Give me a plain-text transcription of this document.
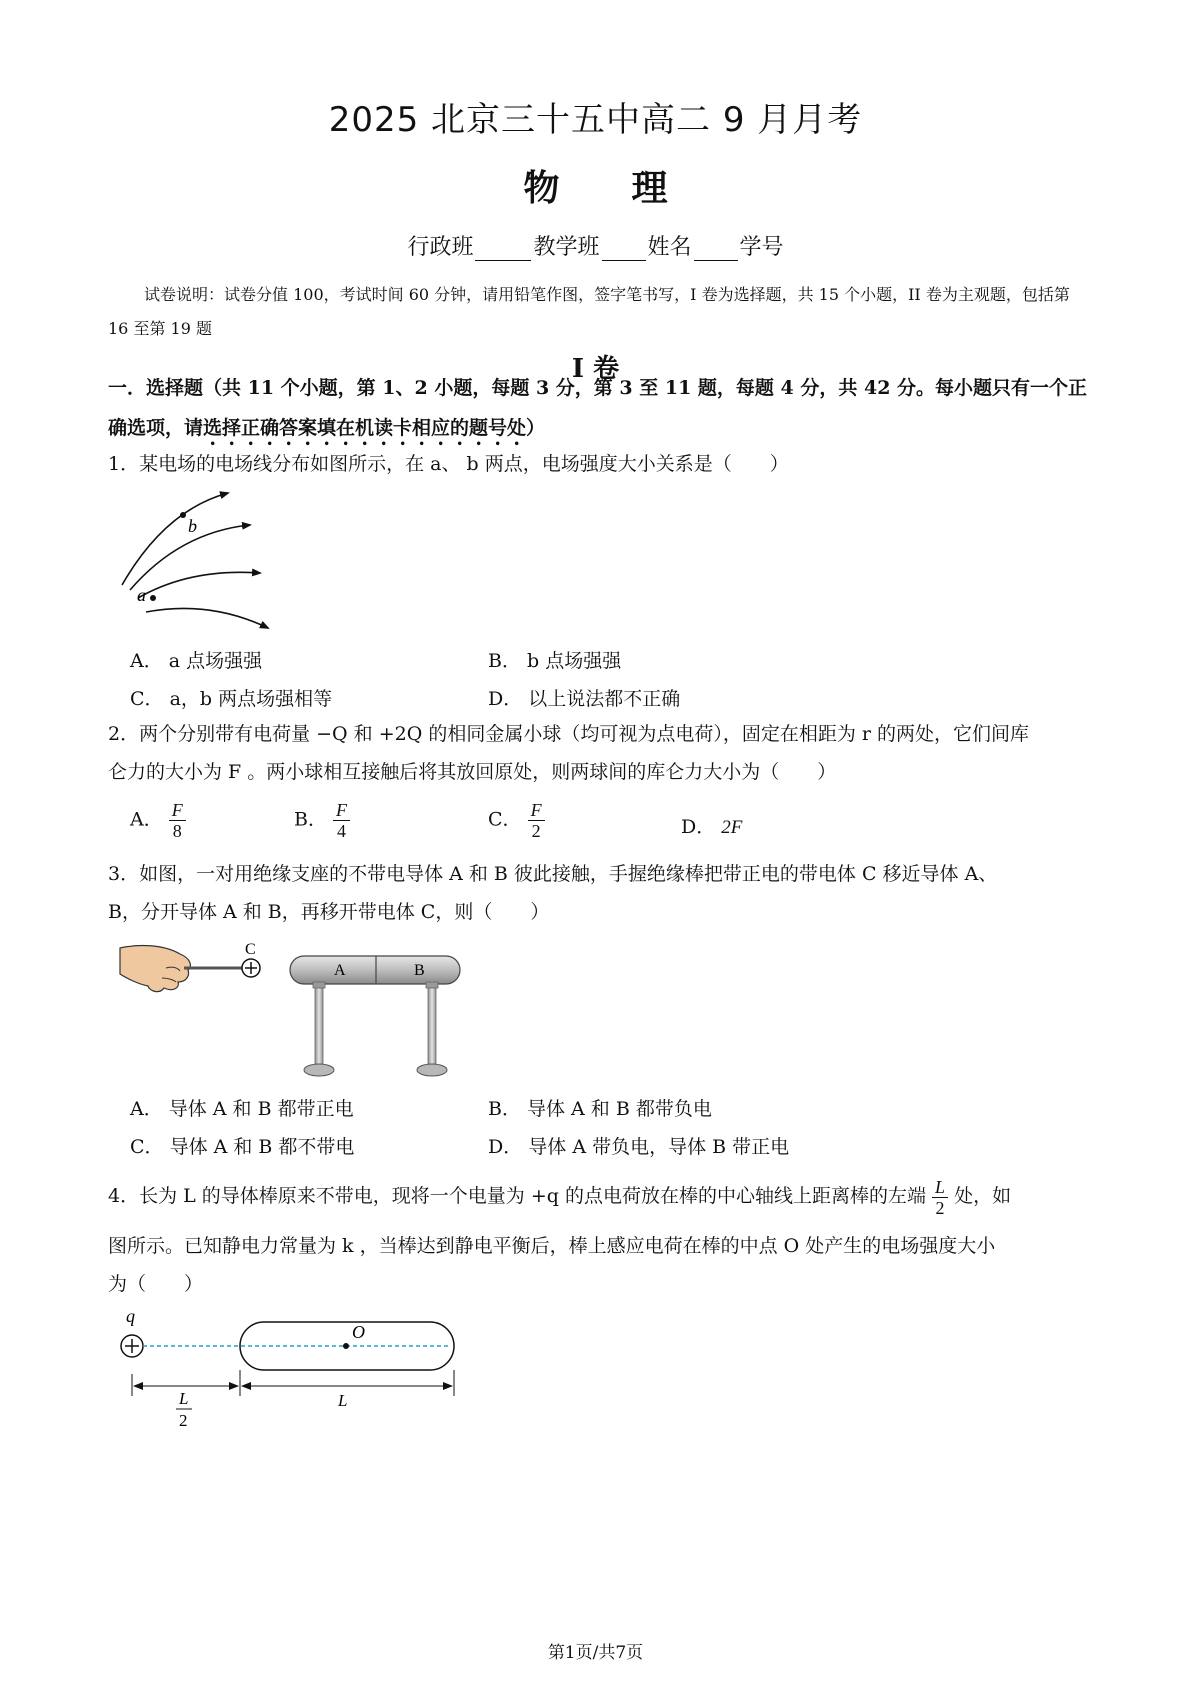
2025 北京三十五中高二 9 月月考
物 理
行政班	教学班 姓名 学号
试卷说明：试卷分值 100，考试时间 60 分钟，请用铅笔作图，签字笔书写，I 卷为选择题，共 15 个小题，II 卷为主观题，包括第 16 至第 19 题
I 卷
一．选择题（共 11 个小题，第 1、2 小题，每题 3 分，第 3 至 11 题，每题 4 分，共 42 分。每小题只有一个正确选项，请选择正确答案填在机读卡相应的题号处）
1．某电场的电场线分布如图所示，在 a、 b 两点，电场强度大小关系是（　　）
b
a
A． a 点场强强	B． b 点场强强
C． a，b 两点场强相等	D． 以上说法都不正确
2．两个分别带有电荷量 −Q 和 +2Q 的相同金属小球（均可视为点电荷），固定在相距为 r 的两处，它们间库
仑力的大小为 F 。两小球相互接触后将其放回原处，则两球间的库仑力大小为（　　）
A． $\frac{F}{8}$	B． $\frac{F}{4}$	C． $\frac{F}{2}$	D． 2F
3．如图，一对用绝缘支座的不带电导体 A 和 B 彼此接触，手握绝缘棒把带正电的带电体 C 移近导体 A、
B，分开导体 A 和 B，再移开带电体 C，则（　　）
C
A	B
A． 导体 A 和 B 都带正电	B． 导体 A 和 B 都带负电
C． 导体 A 和 B 都不带电	D． 导体 A 带负电，导体 B 带正电
4．长为 L 的导体棒原来不带电，现将一个电量为 +q 的点电荷放在棒的中心轴线上距离棒的左端 $\frac{L}{2}$ 处，如
图所示。已知静电力常量为 k ，当棒达到静电平衡后，棒上感应电荷在棒的中点 O 处产生的电场强度大小
为（　　）
q
O
L
2
L
第1页/共7页
